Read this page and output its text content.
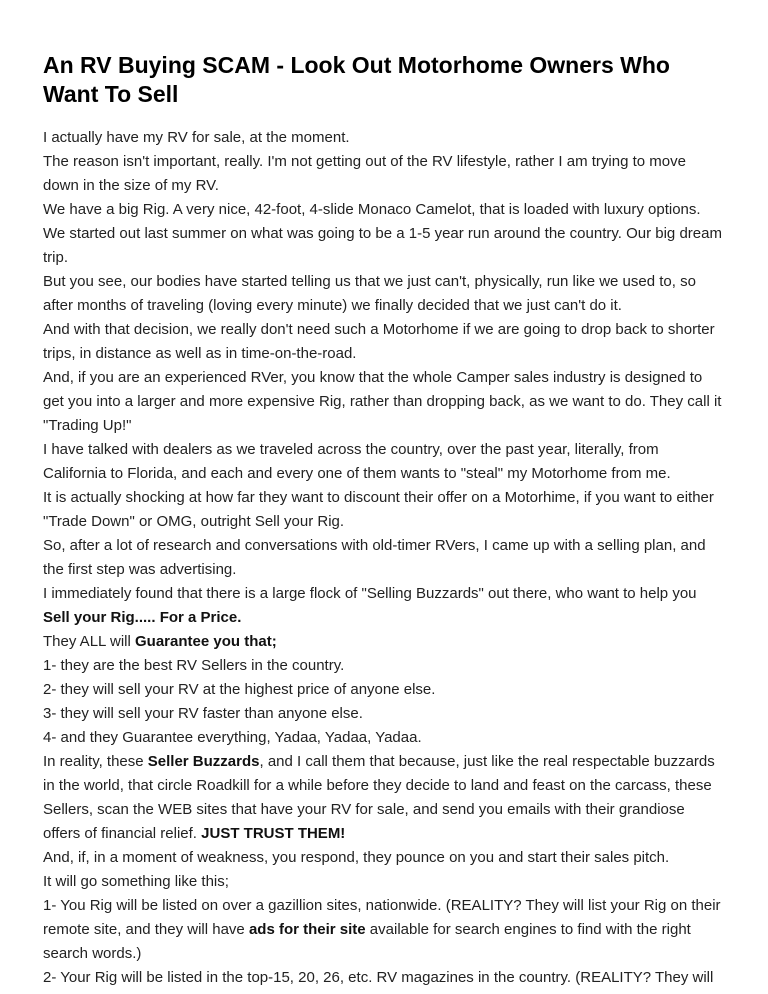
An RV Buying SCAM - Look Out Motorhome Owners Who Want To Sell

I actually have my RV for sale, at the moment.

The reason isn't important, really. I'm not getting out of the RV lifestyle, rather I am trying to move down in the size of my RV.

We have a big Rig. A very nice, 42-foot, 4-slide Monaco Camelot, that is loaded with luxury options.

We started out last summer on what was going to be a 1-5 year run around the country. Our big dream trip.

But you see, our bodies have started telling us that we just can't, physically, run like we used to, so after months of traveling (loving every minute) we finally decided that we just can't do it.

And with that decision, we really don't need such a Motorhome if we are going to drop back to shorter trips, in distance as well as in time-on-the-road.

And, if you are an experienced RVer, you know that the whole Camper sales industry is designed to get you into a larger and more expensive Rig, rather than dropping back, as we want to do. They call it "Trading Up!"

I have talked with dealers as we traveled across the country, over the past year, literally, from California to Florida, and each and every one of them wants to "steal" my Motorhome from me.

It is actually shocking at how far they want to discount their offer on a Motorhime, if you want to either "Trade Down" or OMG, outright Sell your Rig.

So, after a lot of research and conversations with old-timer RVers, I came up with a selling plan, and the first step was advertising.

I immediately found that there is a large flock of "Selling Buzzards" out there, who want to help you Sell your Rig..... For a Price.

They ALL will Guarantee you that;

1- they are the best RV Sellers in the country.

2- they will sell your RV at the highest price of anyone else.

3- they will sell your RV faster than anyone else.

4- and they Guarantee everything, Yadaa, Yadaa, Yadaa.

In reality, these Seller Buzzards, and I call them that because, just like the real respectable buzzards in the world, that circle Roadkill for a while before they decide to land and feast on the carcass, these Sellers, scan the WEB sites that have your RV for sale, and send you emails with their grandiose offers of financial relief. JUST TRUST THEM!

And, if, in a moment of weakness, you respond, they pounce on you and start their sales pitch.

It will go something like this;

1- You Rig will be listed on over a gazillion sites, nationwide. (REALITY? They will list your Rig on their remote site, and they will have ads for their site available for search engines to find with the right search words.)

2- Your Rig will be listed in the top-15, 20, 26, etc. RV magazines in the country. (REALITY? They will
